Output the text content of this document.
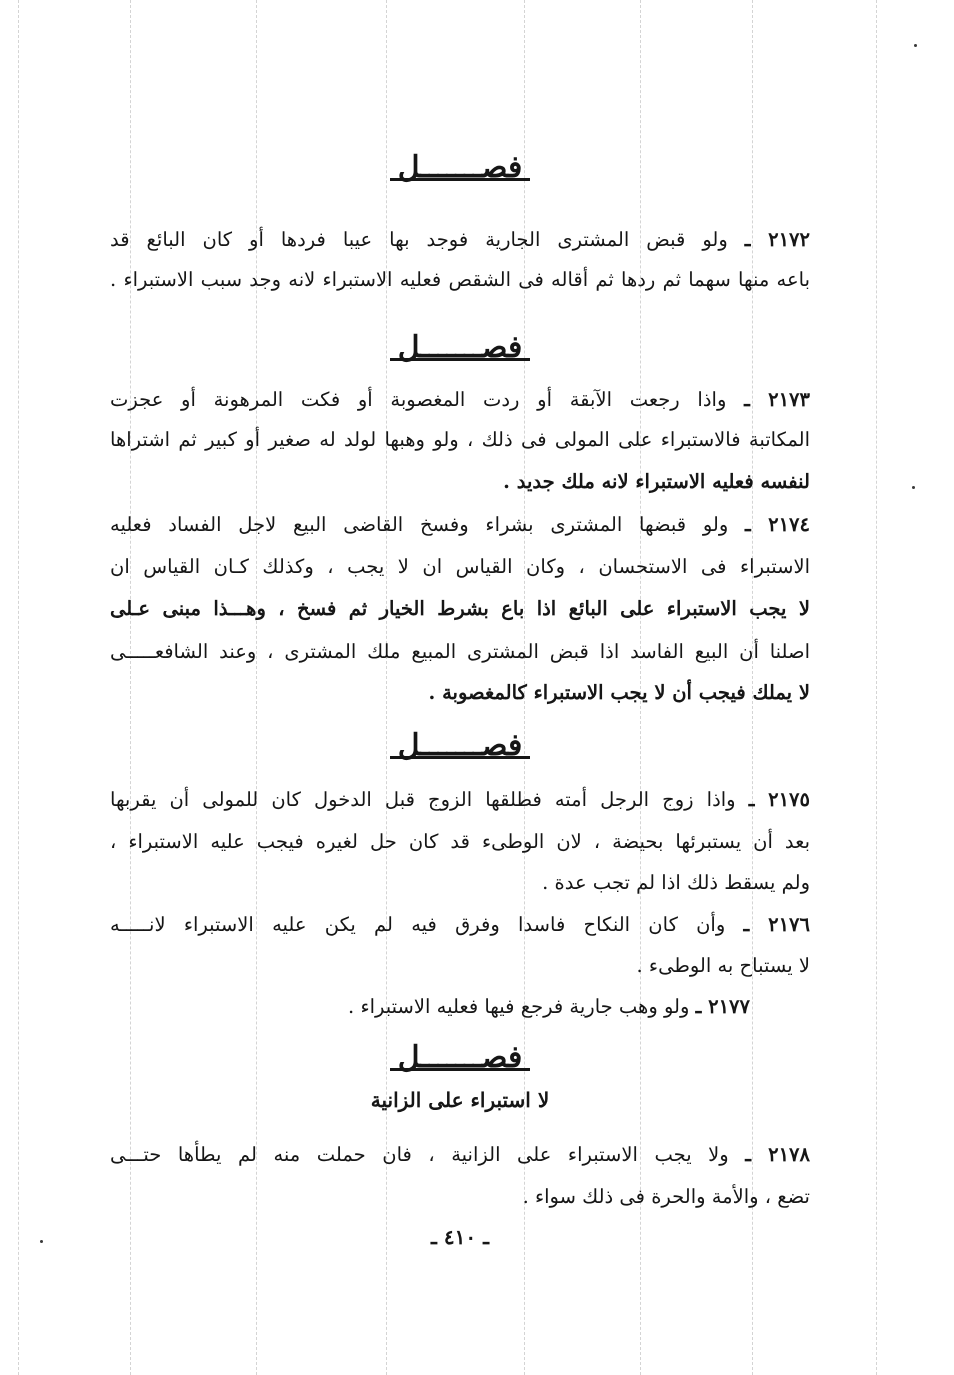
فصـــــــل
٢١٧٢ ـ ولو قبض المشترى الجارية فوجد بها عيبا فردها أو كان البائع قد
باعه منها سهما ثم ردها ثم أقاله فى الشقص فعليه الاستبراء لانه وجد سبب الاستبراء .
فصـــــــل
٢١٧٣ ـ واذا رجعت الآبقة أو ردت المغصوبة أو فكت المرهونة أو عجزت
المكاتبة فالاستبراء على المولى فى ذلك ، ولو وهبها لولد له صغير أو كبير ثم اشتراها
لنفسه فعليه الاستبراء لانه ملك جديد .
٢١٧٤ ـ ولو قبضها المشترى بشراء وفسخ القاضى البيع لاجل الفساد فعليه
الاستبراء فى الاستحسان ، وكان القياس ان لا يجب ، وكذلك كـان القياس ان
لا يجب الاستبراء على البائع اذا باع بشرط الخيار ثم فسخ ، وهـــذا مبنى عـلى
اصلنا أن البيع الفاسد اذا قبض المشترى المبيع ملك المشترى ، وعند الشافعـــــى
لا يملك فيجب أن لا يجب الاستبراء كالمغصوبة .
فصـــــــل
٢١٧٥ ـ واذا زوج الرجل أمته فطلقها الزوج قبل الدخول كان للمولى أن يقربها
بعد أن يستبرئها بحيضة ، لان الوطىء قد كان حل لغيره فيجب عليه الاستبراء ،
ولم يسقط ذلك اذا لم تجب عدة .
٢١٧٦ ـ وأن كان النكاح فاسدا وفرق فيه لم يكن عليه الاستبراء لانـــــه
لا يستباح به الوطىء .
٢١٧٧ ـ ولو وهب جارية فرجع فيها فعليه الاستبراء .
فصـــــــل
لا استبراء على الزانية
٢١٧٨ ـ ولا يجب الاستبراء على الزانية ، فان حملت منه لم يطأها حتـــى
تضع ، والأمة والحرة فى ذلك سواء .
ـ ٤١٠ ـ
